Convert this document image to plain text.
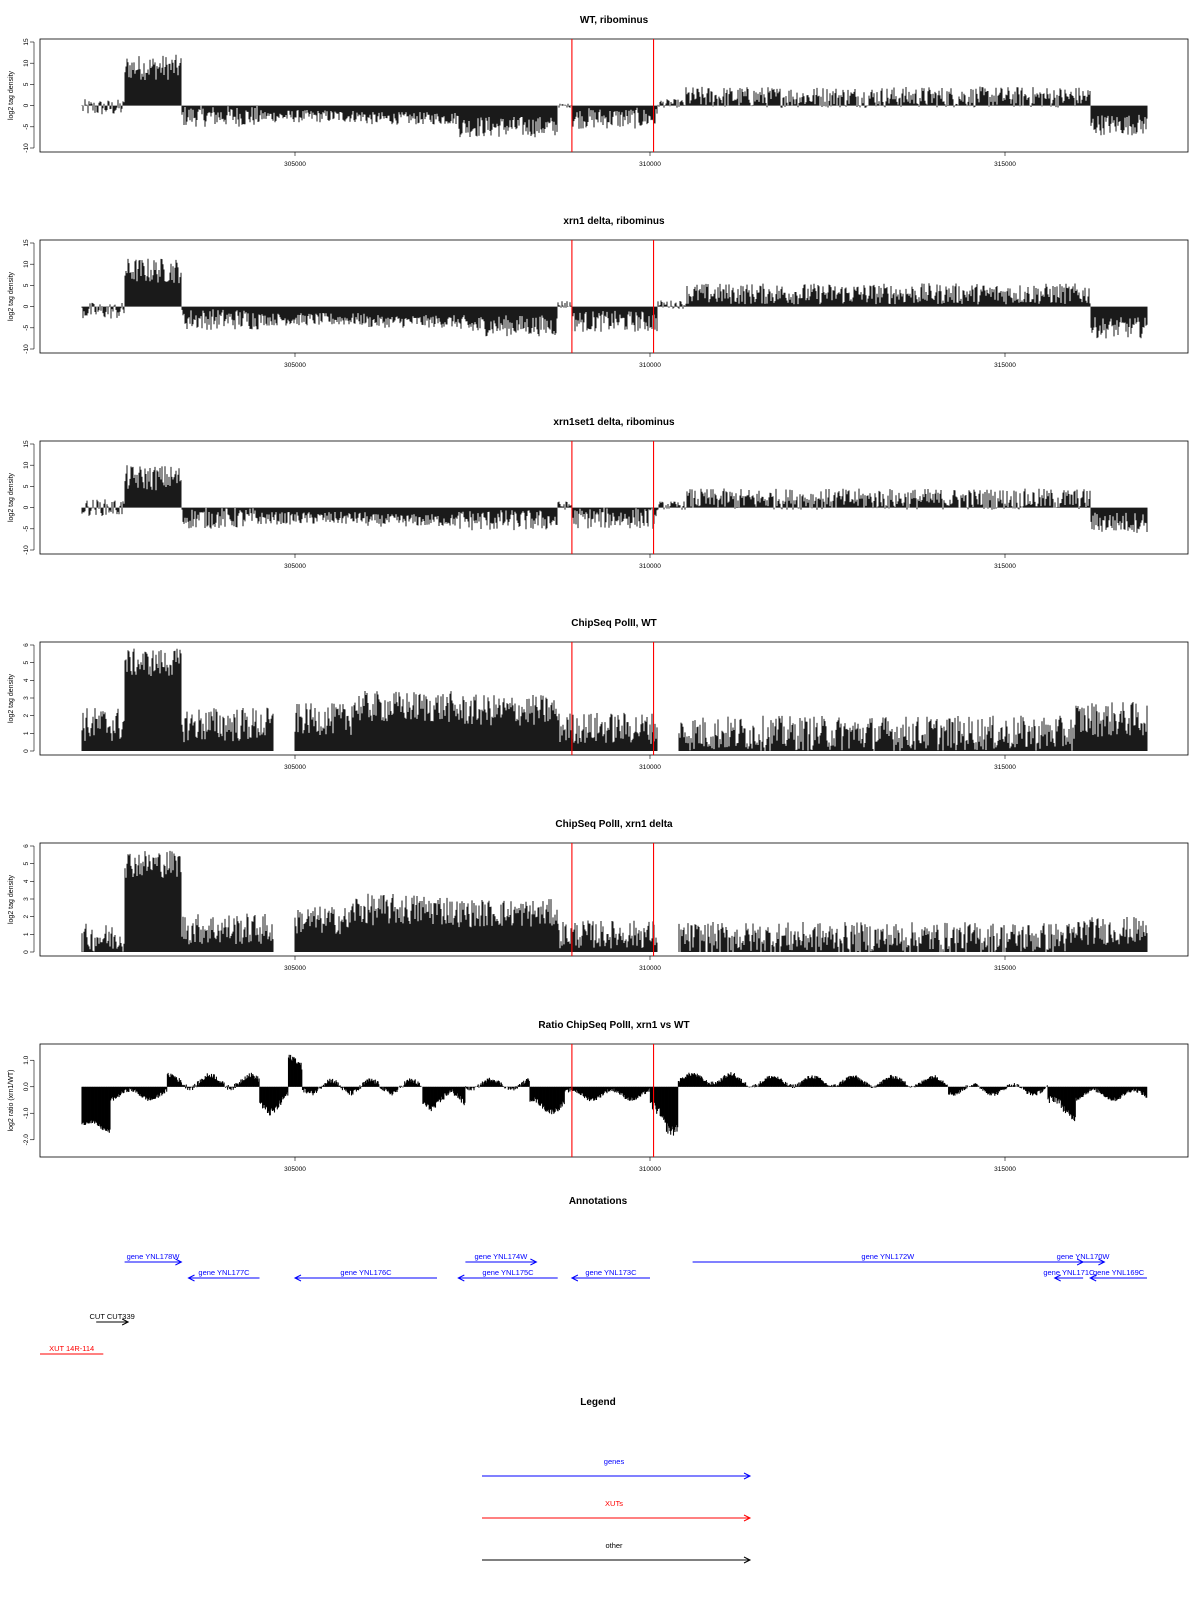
WT, ribominus
-10
-5
0
5
10
15
log2 tag density
305000	310000	315000
xrn1 delta, ribominus
-10
-5
0
5
10
15
log2 tag density
305000	310000	315000
xrn1set1 delta, ribominus
-10
-5
0
5
10
15
log2 tag density
305000	310000	315000
ChipSeq PolII, WT
0
1
2
3
4
5
6
log2 tag density
305000	310000	315000
ChipSeq PolII, xrn1 delta
0
1
2
3
4
5
6
log2 tag density
305000	310000	315000
Ratio ChipSeq PolII, xrn1 vs WT
-2.0
-1.0
0.0
1.0
log2 ratio (xrn1/WT)
305000	310000	315000
Annotations
gene YNL178W
gene YNL177C	gene YNL176C
gene YNL174W
gene YNL175C	gene YNL173C
gene YNL172W	gene YNL170W
gene YNL171C
gene YNL169C
CUT CUT339
XUT 14R-114
Legend
genes
XUTs
other
